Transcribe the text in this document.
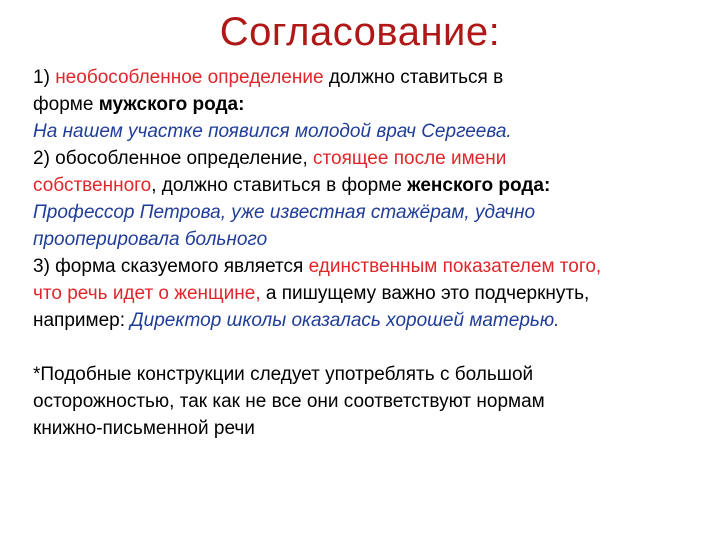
Согласование:
1) необособленное определение должно ставиться в
форме мужского рода:
На нашем участке появился молодой врач Сергеева.
2) обособленное определение, стоящее после имени
собственного, должно ставиться в форме женского рода:
Профессор Петрова, уже известная стажёрам, удачно
прооперировала больного
3) форма сказуемого является единственным показателем того,
что речь идет о женщине, а пишущему важно это подчеркнуть,
например: Директор школы оказалась хорошей матерью.
*Подобные конструкции следует употреблять с большой
осторожностью, так как не все они соответствуют нормам
книжно-письменной речи
